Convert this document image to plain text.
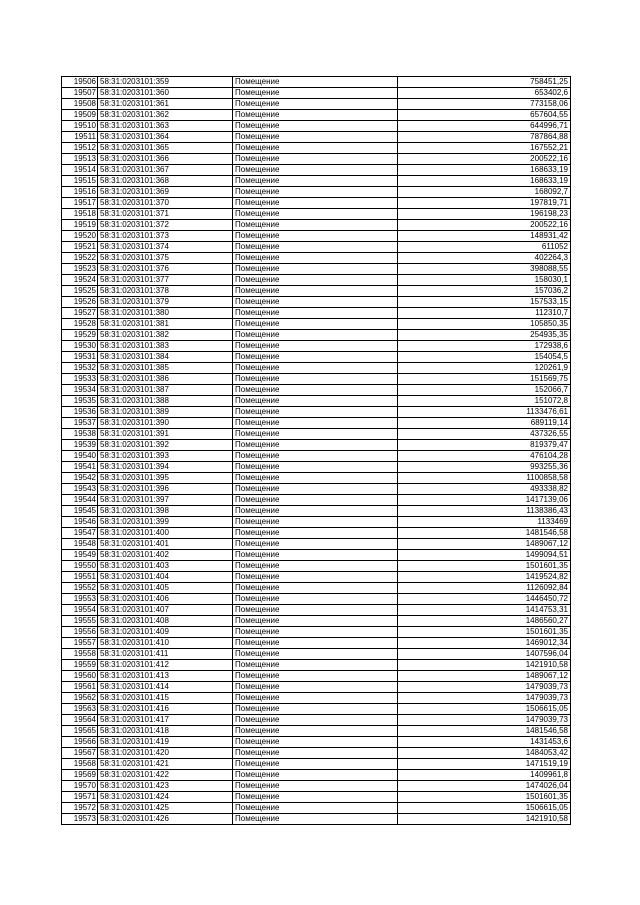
19506	58:31:0203101:359	Помещение	758451,25
19507	58:31:0203101:360	Помещение	653402,6
19508	58:31:0203101:361	Помещение	773158,06
19509	58:31:0203101:362	Помещение	657604,55
19510	58:31:0203101:363	Помещение	644996,71
19511	58:31:0203101:364	Помещение	787864,88
19512	58:31:0203101:365	Помещение	167552,21
19513	58:31:0203101:366	Помещение	200522,16
19514	58:31:0203101:367	Помещение	168633,19
19515	58:31:0203101:368	Помещение	168633,19
19516	58:31:0203101:369	Помещение	168092,7
19517	58:31:0203101:370	Помещение	197819,71
19518	58:31:0203101:371	Помещение	196198,23
19519	58:31:0203101:372	Помещение	200522,16
19520	58:31:0203101:373	Помещение	148931,42
19521	58:31:0203101:374	Помещение	611052
19522	58:31:0203101:375	Помещение	402264,3
19523	58:31:0203101:376	Помещение	398088,55
19524	58:31:0203101:377	Помещение	158030,1
19525	58:31:0203101:378	Помещение	157036,2
19526	58:31:0203101:379	Помещение	157533,15
19527	58:31:0203101:380	Помещение	112310,7
19528	58:31:0203101:381	Помещение	105850,35
19529	58:31:0203101:382	Помещение	254935,35
19530	58:31:0203101:383	Помещение	172938,6
19531	58:31:0203101:384	Помещение	154054,5
19532	58:31:0203101:385	Помещение	120261,9
19533	58:31:0203101:386	Помещение	151569,75
19534	58:31:0203101:387	Помещение	152066,7
19535	58:31:0203101:388	Помещение	151072,8
19536	58:31:0203101:389	Помещение	1133476,61
19537	58:31:0203101:390	Помещение	689119,14
19538	58:31:0203101:391	Помещение	437326,55
19539	58:31:0203101:392	Помещение	819379,47
19540	58:31:0203101:393	Помещение	476104,28
19541	58:31:0203101:394	Помещение	993255,36
19542	58:31:0203101:395	Помещение	1100858,58
19543	58:31:0203101:396	Помещение	493338,82
19544	58:31:0203101:397	Помещение	1417139,06
19545	58:31:0203101:398	Помещение	1138386,43
19546	58:31:0203101:399	Помещение	1133469
19547	58:31:0203101:400	Помещение	1481546,58
19548	58:31:0203101:401	Помещение	1489067,12
19549	58:31:0203101:402	Помещение	1499094,51
19550	58:31:0203101:403	Помещение	1501601,35
19551	58:31:0203101:404	Помещение	1419524,82
19552	58:31:0203101:405	Помещение	1126092,84
19553	58:31:0203101:406	Помещение	1446450,72
19554	58:31:0203101:407	Помещение	1414753,31
19555	58:31:0203101:408	Помещение	1486560,27
19556	58:31:0203101:409	Помещение	1501601,35
19557	58:31:0203101:410	Помещение	1469012,34
19558	58:31:0203101:411	Помещение	1407596,04
19559	58:31:0203101:412	Помещение	1421910,58
19560	58:31:0203101:413	Помещение	1489067,12
19561	58:31:0203101:414	Помещение	1479039,73
19562	58:31:0203101:415	Помещение	1479039,73
19563	58:31:0203101:416	Помещение	1506615,05
19564	58:31:0203101:417	Помещение	1479039,73
19565	58:31:0203101:418	Помещение	1481546,58
19566	58:31:0203101:419	Помещение	1431453,6
19567	58:31:0203101:420	Помещение	1484053,42
19568	58:31:0203101:421	Помещение	1471519,19
19569	58:31:0203101:422	Помещение	1409961,8
19570	58:31:0203101:423	Помещение	1474026,04
19571	58:31:0203101:424	Помещение	1501601,35
19572	58:31:0203101:425	Помещение	1506615,05
19573	58:31:0203101:426	Помещение	1421910,58
